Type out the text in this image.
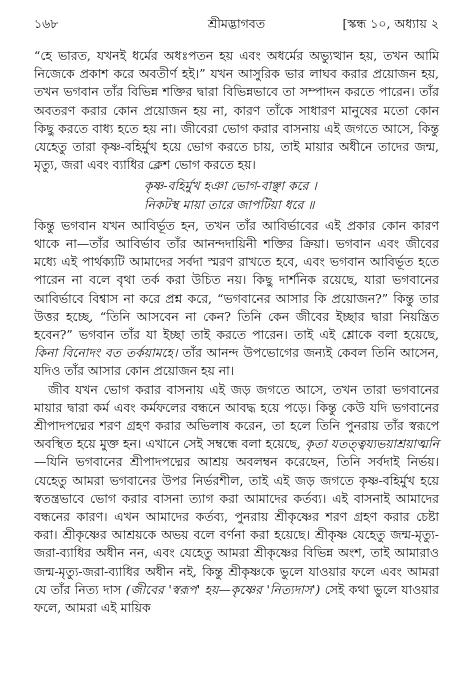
১৬৮	শ্রীমদ্ভাগবত	[স্কন্ধ ১০, অধ্যায় ২

“হে ভারত, যখনই ধর্মের অধঃপতন হয় এবং অধর্মের অভ্যুত্থান হয়, তখন আমি নিজেকে প্রকাশ করে অবতীর্ণ হই।” যখন আসুরিক ভার লাঘব করার প্রয়োজন হয়, তখন ভগবান তাঁর বিভিন্ন শক্তির দ্বারা বিভিন্নভাবে তা সম্পাদন করতে পারেন। তাঁর অবতরণ করার কোন প্রয়োজন হয় না, কারণ তাঁকে সাধারণ মানুষের মতো কোন কিছু করতে বাধ্য হতে হয় না। জীবেরা ভোগ করার বাসনায় এই জগতে আসে, কিন্তু যেহেতু তারা কৃষ্ণ-বহির্মুখ হয়ে ভোগ করতে চায়, তাই মায়ার অধীনে তাদের জন্ম, মৃত্যু, জরা এবং ব্যাধির ক্লেশ ভোগ করতে হয়।

কৃষ্ণ-বহির্মুখ হঞা ভোগ-বাঞ্ছা করে ।
নিকটস্থ মায়া তারে জাপটিয়া ধরে ॥

কিন্তু ভগবান যখন আবির্ভূত হন, তখন তাঁর আবির্ভাবের এই প্রকার কোন কারণ থাকে না—তাঁর আবির্ভাব তাঁর আনন্দদায়িনী শক্তির ক্রিয়া। ভগবান এবং জীবের মধ্যে এই পার্থক্যটি আমাদের সর্বদা স্মরণ রাখতে হবে, এবং ভগবান আবির্ভূত হতে পারেন না বলে বৃথা তর্ক করা উচিত নয়। কিছু দার্শনিক রয়েছে, যারা ভগবানের আবির্ভাবে বিশ্বাস না করে প্রশ্ন করে, “ভগবানের আসার কি প্রয়োজন?” কিন্তু তার উত্তর হচ্ছে, “তিনি আসবেন না কেন? তিনি কেন জীবের ইচ্ছার দ্বারা নিয়ন্ত্রিত হবেন?” ভগবান তাঁর যা ইচ্ছা তাই করতে পারেন। তাই এই শ্লোকে বলা হয়েছে, কিনা বিনোদং বত তর্কয়ামহে। তাঁর আনন্দ উপভোগের জন্যই কেবল তিনি আসেন, যদিও তাঁর আসার কোন প্রয়োজন হয় না।

জীব যখন ভোগ করার বাসনায় এই জড় জগতে আসে, তখন তারা ভগবানের মায়ার দ্বারা কর্ম এবং কর্মফলের বন্ধনে আবদ্ধ হয়ে পড়ে। কিন্তু কেউ যদি ভগবানের শ্রীপাদপদ্মের শরণ গ্রহণ করার অভিলাষ করেন, তা হলে তিনি পুনরায় তাঁর স্বরূপে অবস্থিত হয়ে মুক্ত হন। এখানে সেই সম্বন্ধে বলা হয়েছে, কৃতা যতত্ত্বয্যভয়াশ্রয়াত্মনি—যিনি ভগবানের শ্রীপাদপদ্মের আশ্রয় অবলম্বন করেছেন, তিনি সর্বদাই নির্ভয়। যেহেতু আমরা ভগবানের উপর নির্ভরশীল, তাই এই জড় জগতে কৃষ্ণ-বহির্মুখ হয়ে স্বতন্ত্রভাবে ভোগ করার বাসনা ত্যাগ করা আমাদের কর্তব্য। এই বাসনাই আমাদের বন্ধনের কারণ। এখন আমাদের কর্তব্য, পুনরায় শ্রীকৃষ্ণের শরণ গ্রহণ করার চেষ্টা করা। শ্রীকৃষ্ণের আশ্রয়কে অভয় বলে বর্ণনা করা হয়েছে। শ্রীকৃষ্ণ যেহেতু জন্ম-মৃত্যু-জরা-ব্যাধির অধীন নন, এবং যেহেতু আমরা শ্রীকৃষ্ণের বিভিন্ন অংশ, তাই আমারাও জন্ম-মৃত্যু-জরা-ব্যাধির অধীন নই, কিন্তু শ্রীকৃষ্ণকে ভুলে যাওয়ার ফলে এবং আমরা যে তাঁর নিত্য দাস (জীবের 'স্বরূপ' হয়—কৃষ্ণের 'নিত্যদাস') সেই কথা ভুলে যাওয়ার ফলে, আমরা এই মায়িক
